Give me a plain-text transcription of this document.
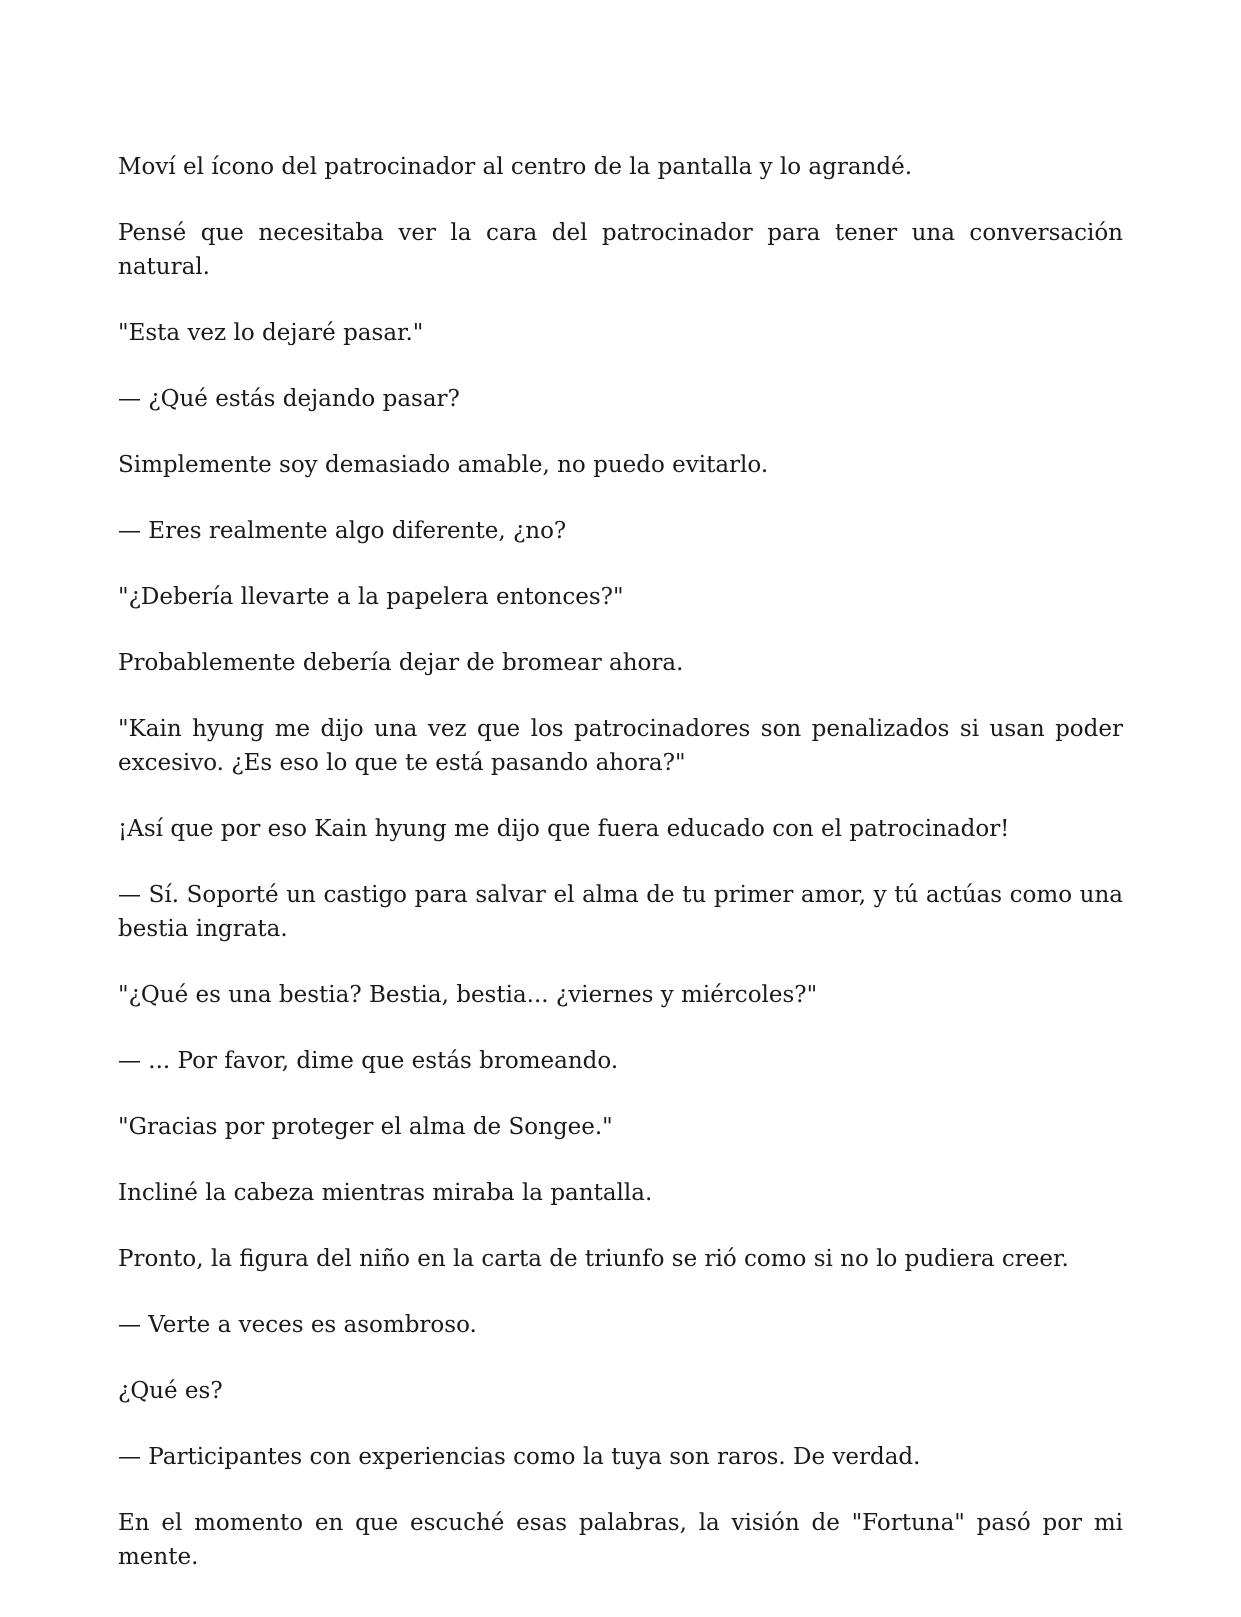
Moví el ícono del patrocinador al centro de la pantalla y lo agrandé.

Pensé que necesitaba ver la cara del patrocinador para tener una conversación natural.

"Esta vez lo dejaré pasar."

— ¿Qué estás dejando pasar?

Simplemente soy demasiado amable, no puedo evitarlo.

— Eres realmente algo diferente, ¿no?

"¿Debería llevarte a la papelera entonces?"

Probablemente debería dejar de bromear ahora.

"Kain hyung me dijo una vez que los patrocinadores son penalizados si usan poder excesivo. ¿Es eso lo que te está pasando ahora?"

¡Así que por eso Kain hyung me dijo que fuera educado con el patrocinador!

— Sí. Soporté un castigo para salvar el alma de tu primer amor, y tú actúas como una bestia ingrata.

"¿Qué es una bestia? Bestia, bestia... ¿viernes y miércoles?"

— ... Por favor, dime que estás bromeando.

"Gracias por proteger el alma de Songee."

Incliné la cabeza mientras miraba la pantalla.

Pronto, la figura del niño en la carta de triunfo se rió como si no lo pudiera creer.

— Verte a veces es asombroso.

¿Qué es?

— Participantes con experiencias como la tuya son raros. De verdad.

En el momento en que escuché esas palabras, la visión de "Fortuna" pasó por mi mente.
